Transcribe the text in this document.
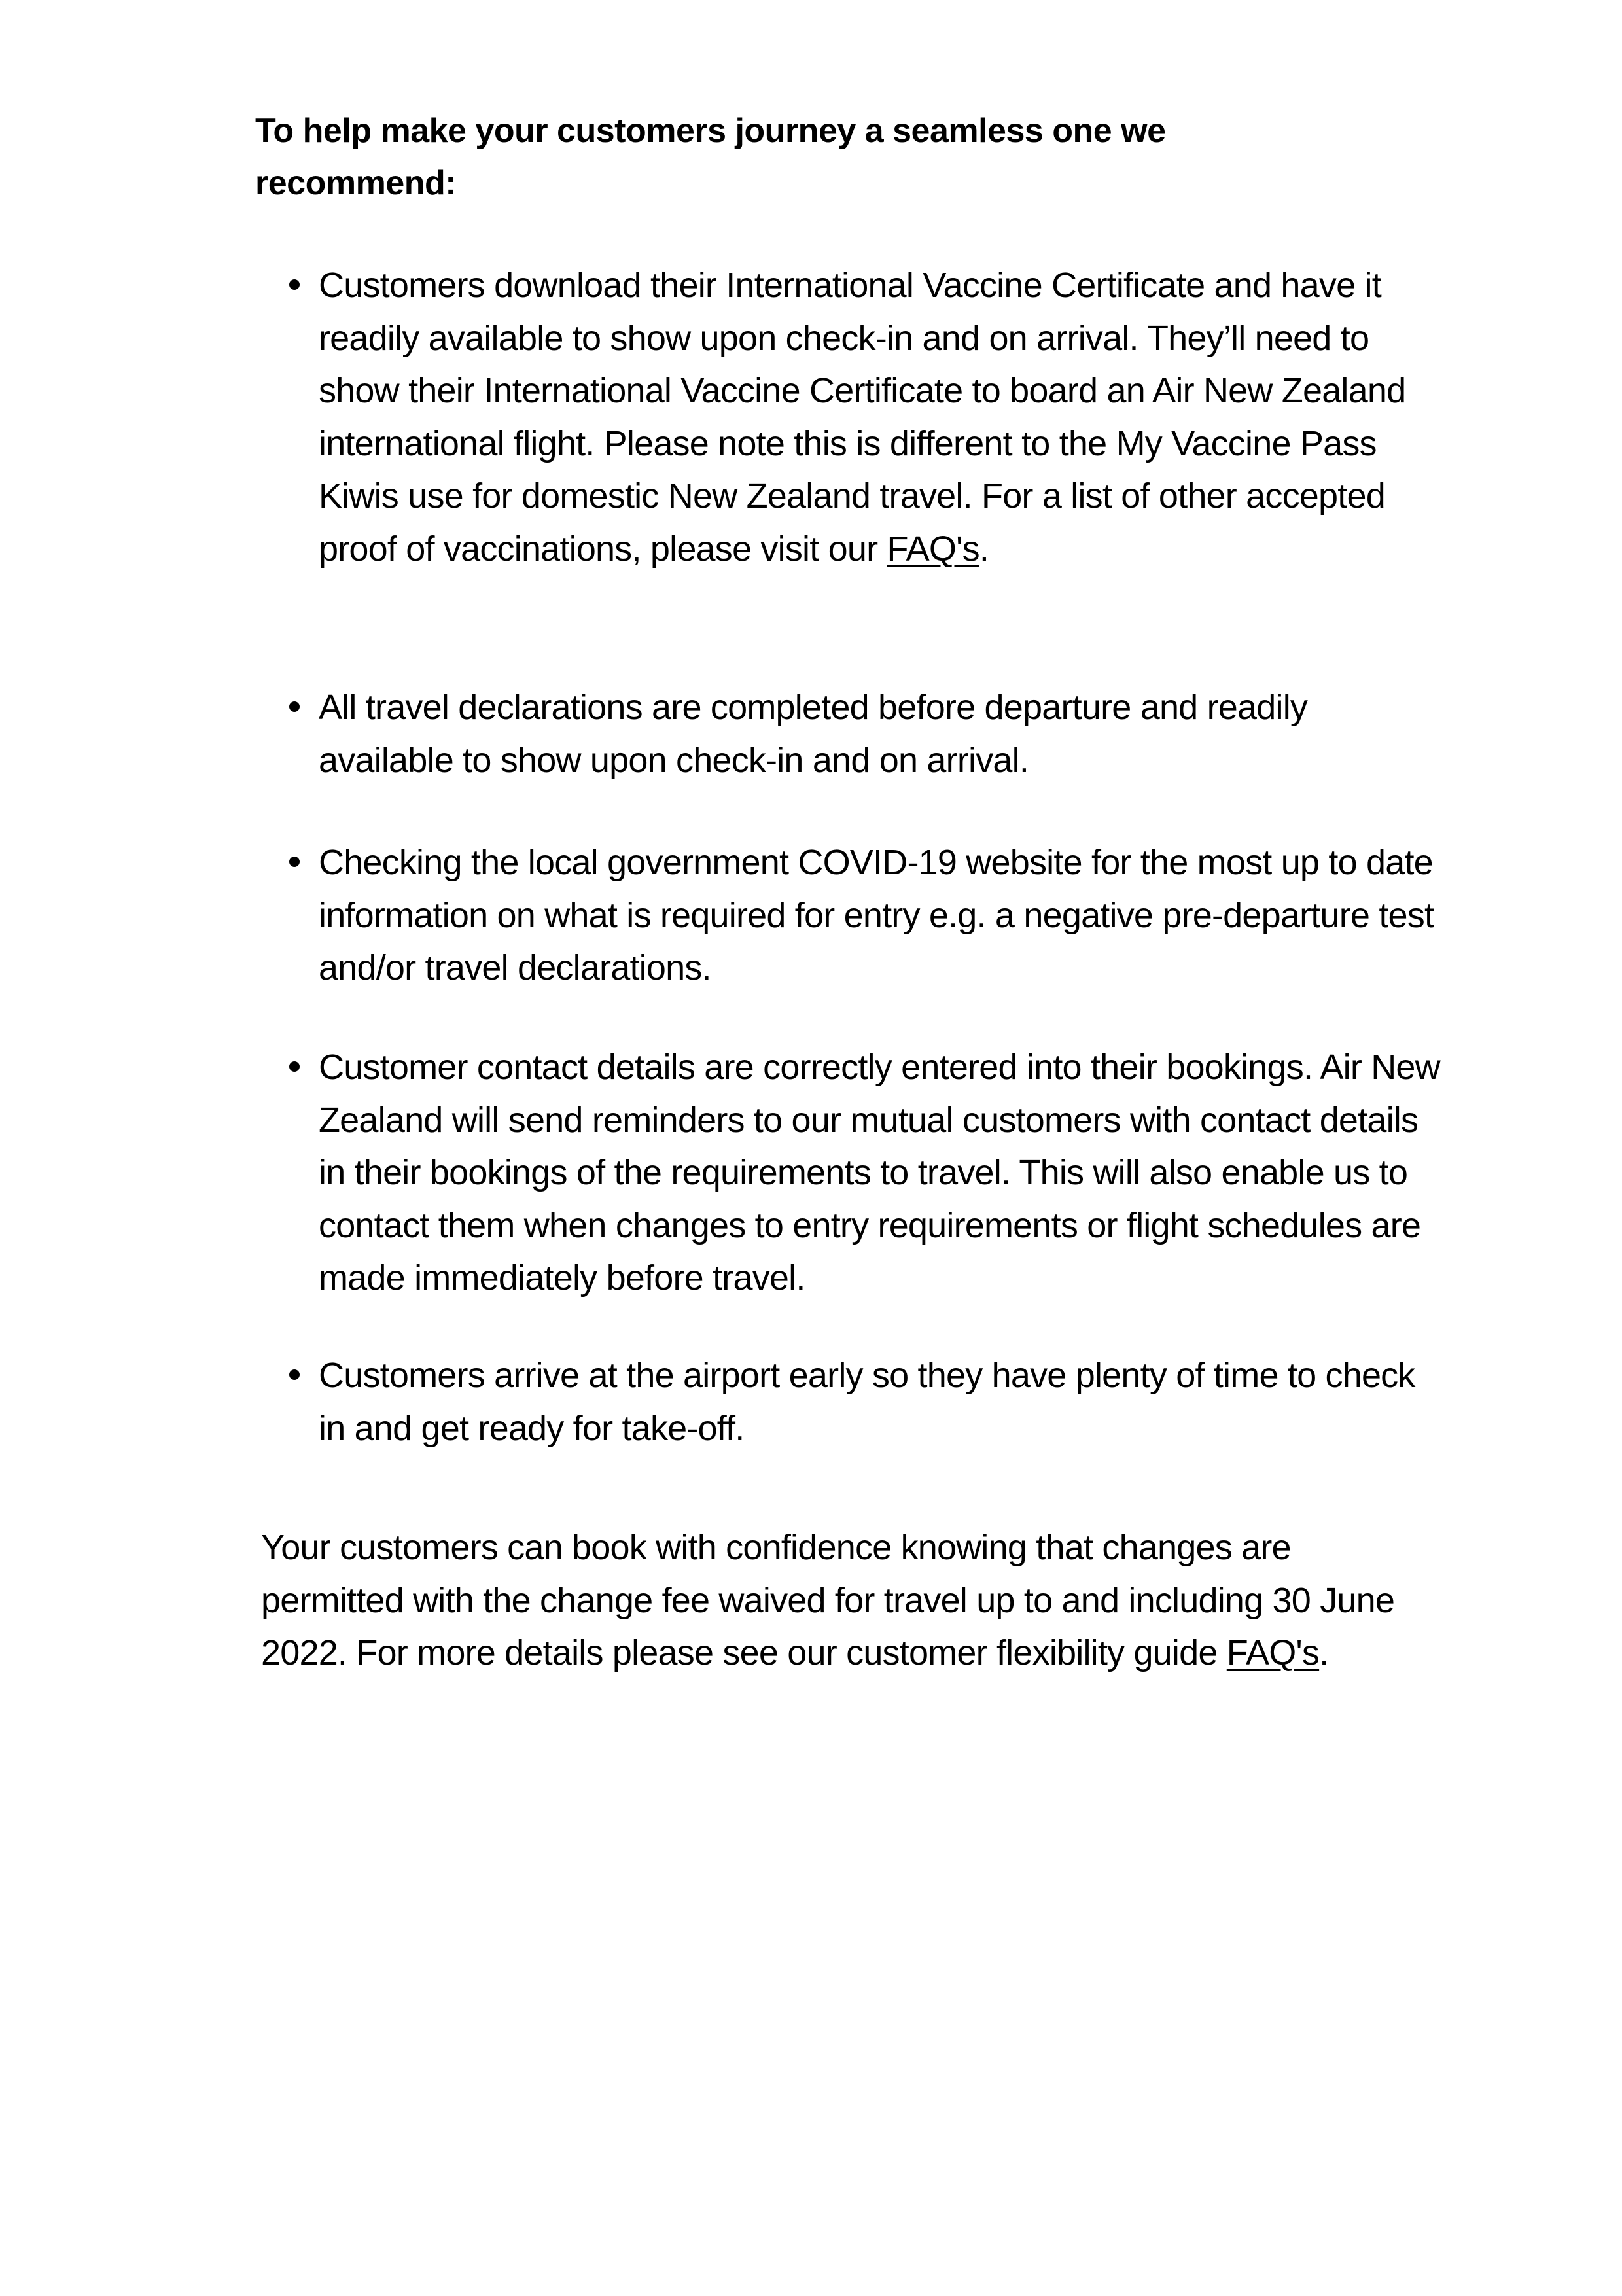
To help make your customers journey a seamless one we recommend:
Customers download their International Vaccine Certificate and have it readily available to show upon check-in and on arrival. They’ll need to show their International Vaccine Certificate to board an Air New Zealand international flight. Please note this is different to the My Vaccine Pass Kiwis use for domestic New Zealand travel. For a list of other accepted proof of vaccinations, please visit our FAQ's.
All travel declarations are completed before departure and readily available to show upon check-in and on arrival.
Checking the local government COVID-19 website for the most up to date information on what is required for entry e.g. a negative pre-departure test and/or travel declarations.
Customer contact details are correctly entered into their bookings. Air New Zealand will send reminders to our mutual customers with contact details in their bookings of the requirements to travel. This will also enable us to contact them when changes to entry requirements or flight schedules are made immediately before travel.
Customers arrive at the airport early so they have plenty of time to check in and get ready for take-off.

Your customers can book with confidence knowing that changes are permitted with the change fee waived for travel up to and including 30 June 2022. For more details please see our customer flexibility guide FAQ's.
